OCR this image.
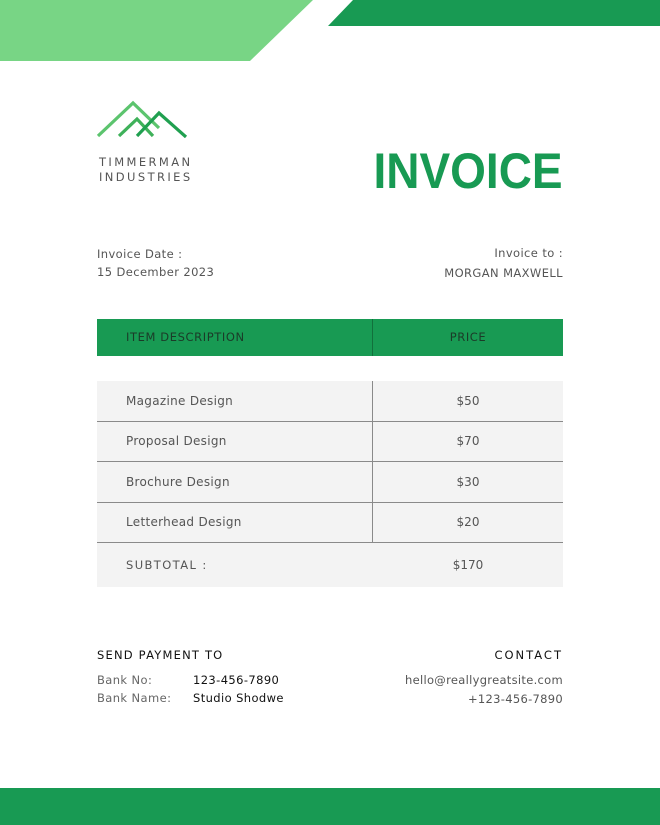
TIMMERMAN
INDUSTRIES	INVOICE
Invoice Date :
15 December 2023
Invoice to :
MORGAN MAXWELL
ITEM DESCRIPTION	PRICE
Magazine Design	$50
Proposal Design	$70
Brochure Design	$30
Letterhead Design	$20
SUBTOTAL :	$170
SEND PAYMENT TO
Bank No:	123-456-7890
Bank Name:	Studio Shodwe
CONTACT
hello@reallygreatsite.com
+123-456-7890
